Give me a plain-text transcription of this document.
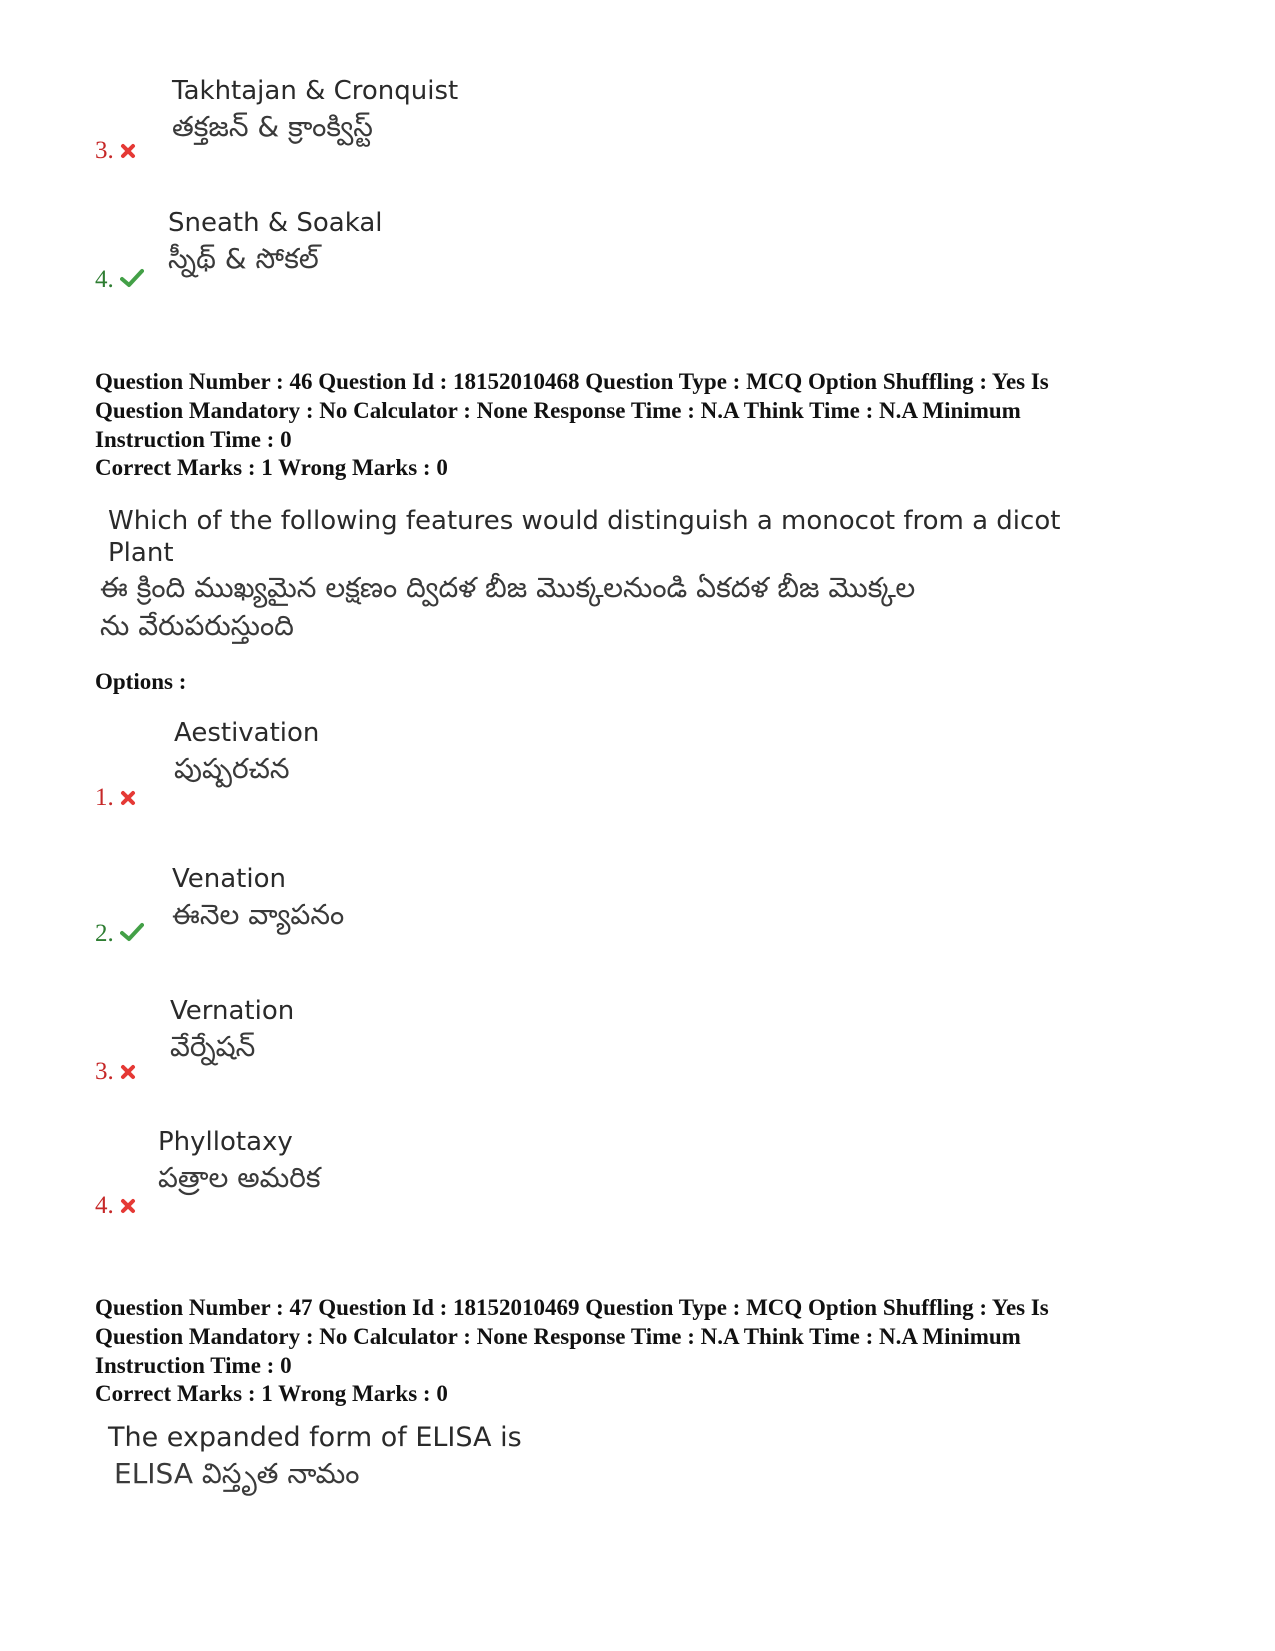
Takhtajan & Cronquist
తక్తజన్ & క్రాంక్విస్ట్
3.
Sneath & Soakal
స్నీథ్ & సోకల్
4.
Question Number : 46 Question Id : 18152010468 Question Type : MCQ Option Shuffling : Yes Is
Question Mandatory : No Calculator : None Response Time : N.A Think Time : N.A Minimum
Instruction Time : 0
Correct Marks : 1 Wrong Marks : 0
Which of the following features would distinguish a monocot from a dicot
Plant
ఈ క్రింది ముఖ్యమైన లక్షణం ద్విదళ బీజ మొక్కలనుండి ఏకదళ బీజ మొక్కల
ను వేరుపరుస్తుంది
Options :
Aestivation
పుష్పరచన
1.
Venation
ఈనెల వ్యాపనం
2.
Vernation
వేర్నేషన్
3.
Phyllotaxy
పత్రాల అమరిక
4.
Question Number : 47 Question Id : 18152010469 Question Type : MCQ Option Shuffling : Yes Is
Question Mandatory : No Calculator : None Response Time : N.A Think Time : N.A Minimum
Instruction Time : 0
Correct Marks : 1 Wrong Marks : 0
The expanded form of ELISA is
ELISA విస్తృత నామం
